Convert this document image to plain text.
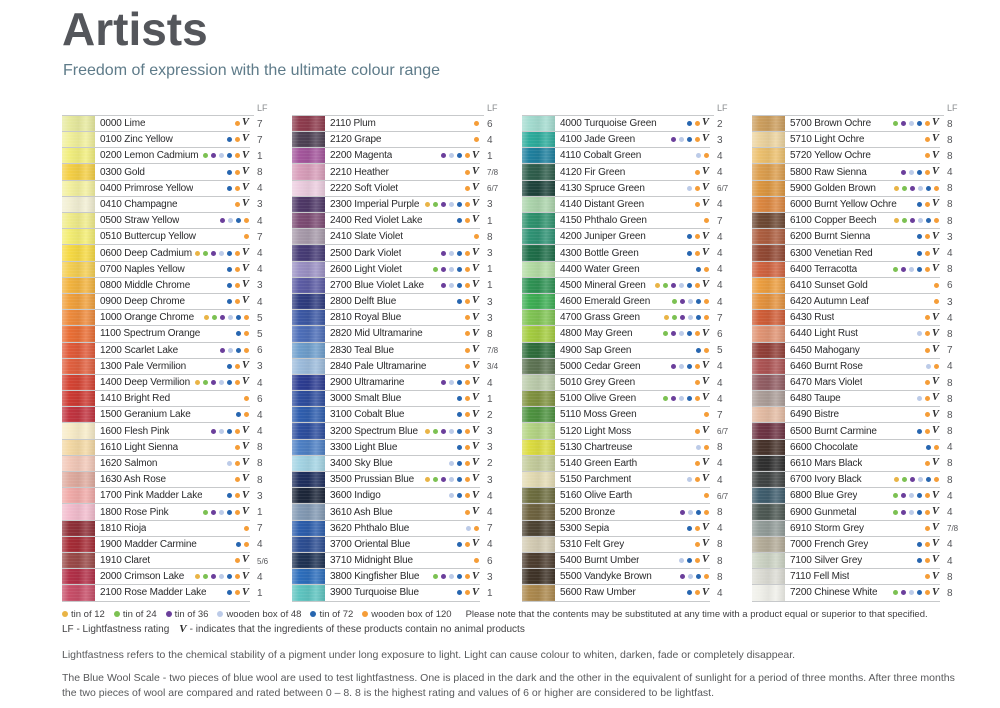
Artists
Freedom of expression with the ultimate colour range
LF
0000 Lime	V 7
0100 Zinc Yellow	V 7
0200 Lemon Cadmium	V 1
0300 Gold	V 8
0400 Primrose Yellow	V 4
0410 Champagne	V 3
0500 Straw Yellow	4
0510 Buttercup Yellow	7
0600 Deep Cadmium	V 4
0700 Naples Yellow	V 4
0800 Middle Chrome	V 3
0900 Deep Chrome	V 4
1000 Orange Chrome	5
1100 Spectrum Orange	5
1200 Scarlet Lake	6
1300 Pale Vermilion	V 3
1400 Deep Vermilion	V 4
1410 Bright Red	6
1500 Geranium Lake	4
1600 Flesh Pink	V 4
1610 Light Sienna	V 8
1620 Salmon	V 8
1630 Ash Rose	V 8
1700 Pink Madder Lake	V 3
1800 Rose Pink	V 1
1810 Rioja	7
1900 Madder Carmine	4
1910 Claret	V	5/6
2000 Crimson Lake	V 4
2100 Rose Madder Lake	V 1
LF
2110 Plum	6
2120 Grape	4
2200 Magenta	V 1
2210 Heather	V	7/8
2220 Soft Violet	V	6/7
2300 Imperial Purple	V 3
2400 Red Violet Lake	V 1
2410 Slate Violet	8
2500 Dark Violet	V 3
2600 Light Violet	V 1
2700 Blue Violet Lake	V 1
2800 Delft Blue	V 3
2810 Royal Blue	V 3
2820 Mid Ultramarine	V 8
2830 Teal Blue	V	7/8
2840 Pale Ultramarine	V	3/4
2900 Ultramarine	V 4
3000 Smalt Blue	V 1
3100 Cobalt Blue	V 2
3200 Spectrum Blue	V 3
3300 Light Blue	V 3
3400 Sky Blue	V 2
3500 Prussian Blue	V 3
3600 Indigo	V 4
3610 Ash Blue	V 4
3620 Phthalo Blue	7
3700 Oriental Blue	V 4
3710 Midnight Blue	6
3800 Kingfisher Blue	V 3
3900 Turquoise Blue	V 1
LF
4000 Turquoise Green	V 2
4100 Jade Green	V 3
4110 Cobalt Green	4
4120 Fir Green	V 4
4130 Spruce Green	V	6/7
4140 Distant Green	V 4
4150 Phthalo Green	7
4200 Juniper Green	V 4
4300 Bottle Green	V 4
4400 Water Green	4
4500 Mineral Green	V 4
4600 Emerald Green	4
4700 Grass Green	7
4800 May Green	V 6
4900 Sap Green	5
5000 Cedar Green	V 4
5010 Grey Green	V 4
5100 Olive Green	V 4
5110 Moss Green	7
5120 Light Moss	V	6/7
5130 Chartreuse	8
5140 Green Earth	V 4
5150 Parchment	V 4
5160 Olive Earth	6/7
5200 Bronze	8
5300 Sepia	V 4
5310 Felt Grey	V 8
5400 Burnt Umber	V 8
5500 Vandyke Brown	8
5600 Raw Umber	V 4
LF
5700 Brown Ochre	V 8
5710 Light Ochre	V 8
5720 Yellow Ochre	V 8
5800 Raw Sienna	V 4
5900 Golden Brown	8
6000 Burnt Yellow Ochre	V 8
6100 Copper Beech	8
6200 Burnt Sienna	V 3
6300 Venetian Red	V 4
6400 Terracotta	V 8
6410 Sunset Gold	6
6420 Autumn Leaf	3
6430 Rust	V 4
6440 Light Rust	V 8
6450 Mahogany	V 7
6460 Burnt Rose	4
6470 Mars Violet	V 8
6480 Taupe	V 8
6490 Bistre	V 8
6500 Burnt Carmine	V 8
6600 Chocolate	4
6610 Mars Black	V 8
6700 Ivory Black	8
6800 Blue Grey	V 4
6900 Gunmetal	V 4
6910 Storm Grey	V	7/8
7000 French Grey	V 4
7100 Silver Grey	V 4
7110 Fell Mist	V 8
7200 Chinese White	V 8
tin of 12 tin of 24 tin of 36 wooden box of 48 tin of 72 wooden box of 120 Please note that the contents may be substituted at any time with a product equal or superior to that specified.
LF - Lightfastness rating V - indicates that the ingredients of these products contain no animal products

Lightfastness refers to the chemical stability of a pigment under long exposure to light. Light can cause colour to whiten, darken, fade or completely disappear.

The Blue Wool Scale - two pieces of blue wool are used to test lightfastness. One is placed in the dark and the other in the equivalent of sunlight for a period of three months. After three months the two pieces of wool are compared and rated between 0 – 8. 8 is the highest rating and values of 6 or higher are considered to be lightfast.
